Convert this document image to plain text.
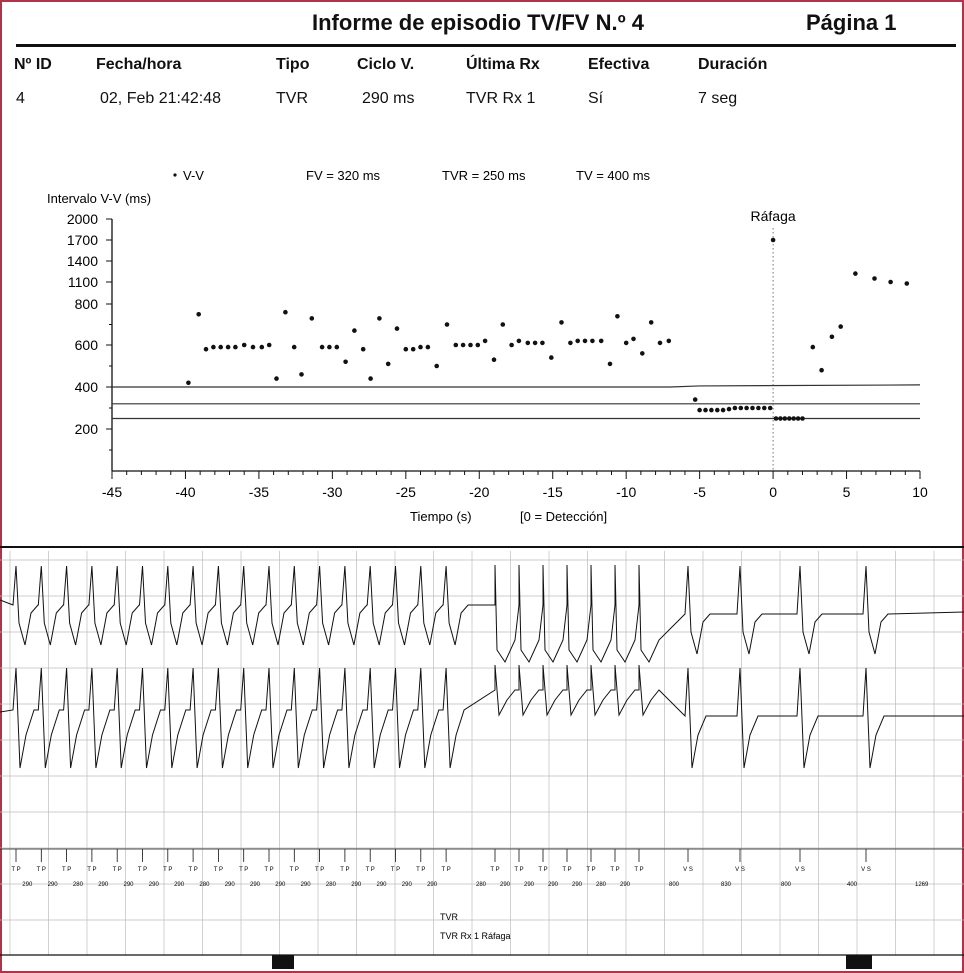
Informe de episodio TV/FV N.º 4	Página 1
Nº ID	Fecha/hora	Tipo	Ciclo V.	Última Rx	Efectiva	Duración
4	02, Feb 21:42:48	TVR	290 ms	TVR Rx 1	Sí	7 seg
V-V	FV = 320 ms	TVR = 250 ms	TV = 400 ms
Intervalo V-V (ms)
200
400
600
800
1100
1400
1700
2000
-45	-40	-35	-30	-25	-20	-15	-10	-5	0	5	10
Tiempo (s)	[0 = Detección]
Ráfaga
T P	T P
290
T P
290
T P
280
T P
290
T P
290
T P
290
T P
290
T P
280
T P
290
T P
290
T P
290
T P
290
T P
280
T P
290
T P
290
T P
290
T P
290
T P
280
T P
290
T P
290
T P
290
T P
290
T P
280
T P
290
V S
800
V S
830
V S
800
V S
400	1269
TVR
TVR Rx 1 Ráfaga
